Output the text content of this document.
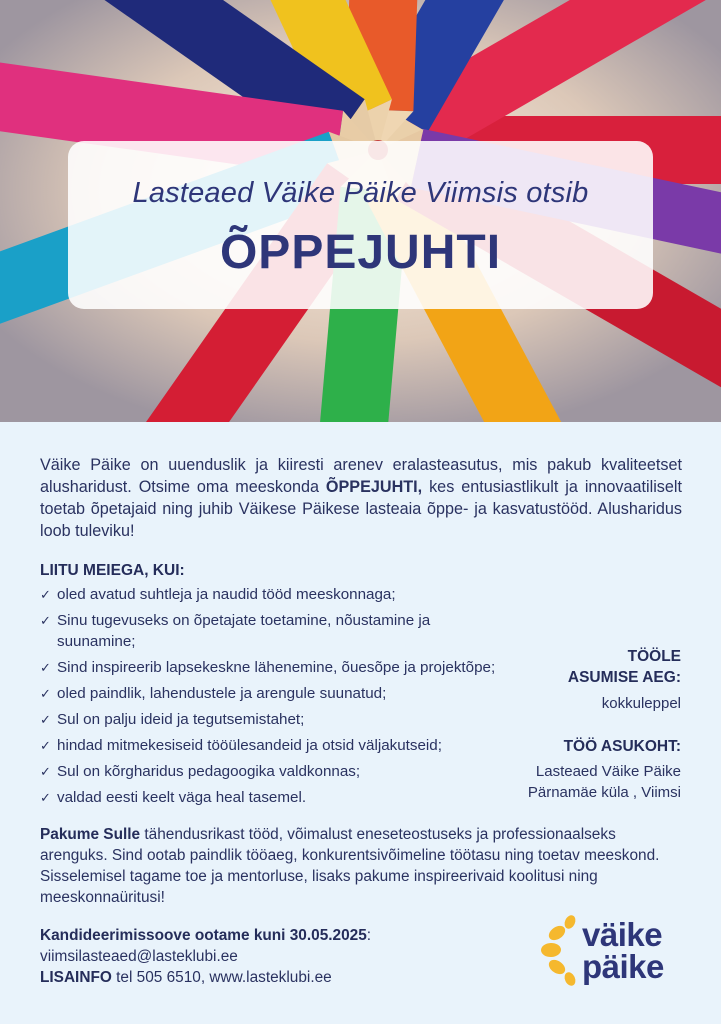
Lasteaed Väike Päike Viimsis otsib
ÕPPEJUHTI

Väike Päike on uuenduslik ja kiiresti arenev eralasteasutus, mis pakub kvaliteetset alusharidust. Otsime oma meeskonda ÕPPEJUHTI, kes entusiastlikult ja innovaatiliselt toetab õpetajaid ning juhib Väikese Päikese lasteaia õppe- ja kasvatustööd. Alusharidus loob tuleviku!

LIITU MEIEGA, KUI:
✓ oled avatud suhtleja ja naudid tööd meeskonnaga;
✓ Sinu tugevuseks on õpetajate toetamine, nõustamine ja suunamine;
✓ Sind inspireerib lapsekeskne lähenemine, õuesõpe ja projektõpe;
✓ oled paindlik, lahendustele ja arengule suunatud;
✓ Sul on palju ideid ja tegutsemistahet;
✓ hindad mitmekesiseid tööülesandeid ja otsid väljakutseid;
✓ Sul on kõrgharidus pedagoogika valdkonnas;
✓ valdad eesti keelt väga heal tasemel.
TÖÖLE
ASUMISE AEG:
kokkuleppel
TÖÖ ASUKOHT:
Lasteaed Väike Päike
Pärnamäe küla , Viimsi

Pakume Sulle tähendusrikast tööd, võimalust eneseteostuseks ja professionaalseks arenguks. Sind ootab paindlik tööaeg, konkurentsivõimeline töötasu ning toetav meeskond. Sisselemisel tagame toe ja mentorluse, lisaks pakume inspireerivaid koolitusi ning meeskonnaüritusi!

Kandideerimissoove ootame kuni 30.05.2025:
viimsilasteaed@lasteklubi.ee
LISAINFO tel 505 6510, www.lasteklubi.ee
väike
päike
